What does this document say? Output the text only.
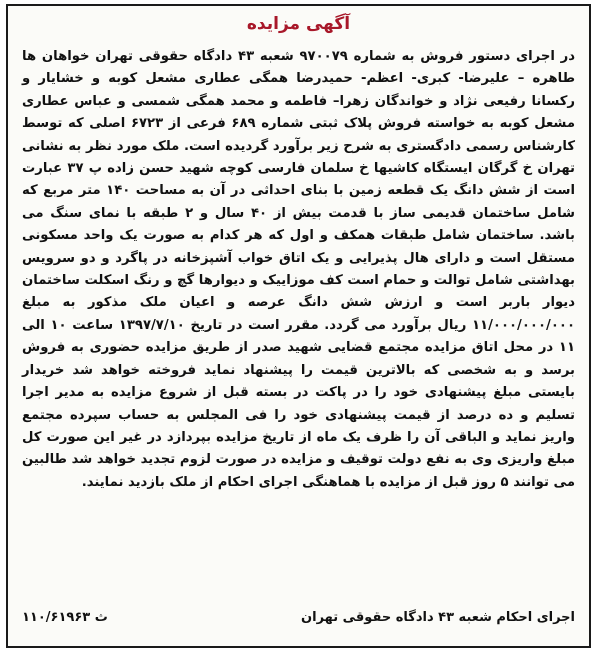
آگهی مزایده
در اجرای دستور فروش به شماره ۹۷۰۰۷۹ شعبه ۴۳ دادگاه حقوقی تهران خواهان ها طاهره – علیرضا- کبری- اعظم- حمیدرضا همگی عطاری مشعل کوبه و خشایار و رکسانا رفیعی نژاد و خواندگان زهرا– فاطمه و محمد همگی شمسی و عباس عطاری مشعل کوبه به خواسته فروش پلاک ثبتی شماره ۶۸۹ فرعی از ۶۷۲۳ اصلی که توسط کارشناس رسمی دادگستری به شرح زیر برآورد گردیده است. ملک مورد نظر به نشانی تهران خ گرگان ایستگاه کاشیها خ سلمان فارسی کوچه شهید حسن زاده پ ۳۷ عبارت است از شش دانگ یک قطعه زمین با بنای احداثی در آن به مساحت ۱۴۰ متر مربع که شامل ساختمان قدیمی ساز با قدمت بیش از ۴۰ سال و ۲ طبقه با نمای سنگ می باشد. ساختمان شامل طبقات همکف و اول که هر کدام به صورت یک واحد مسکونی مستقل است و دارای هال پذیرایی و یک اتاق خواب آشپزخانه در پاگرد و دو سرویس بهداشتی شامل توالت و حمام است کف موزاییک و دیوارها گچ و رنگ اسکلت ساختمان دیوار باربر است و ارزش شش دانگ عرصه و اعیان ملک مذکور به مبلغ ۱۱/۰۰۰/۰۰۰/۰۰۰ ریال برآورد می گردد. مقرر است در تاریخ ۱۳۹۷/۷/۱۰ ساعت ۱۰ الی ۱۱ در محل اتاق مزایده مجتمع قضایی شهید صدر از طریق مزایده حضوری به فروش برسد و به شخصی که بالاترین قیمت را پیشنهاد نماید فروخته خواهد شد خریدار بایستی مبلغ پیشنهادی خود را در پاکت در بسته قبل از شروع مزایده به مدیر اجرا تسلیم و ده درصد از قیمت پیشنهادی خود را فی المجلس به حساب سپرده مجتمع واریز نماید و الباقی آن را ظرف یک ماه از تاریخ مزایده بپردازد در غیر این صورت کل مبلغ واریزی وی به نفع دولت توقیف و مزایده در صورت لزوم تجدید خواهد شد طالبین می توانند ۵ روز قبل از مزایده با هماهنگی اجرای احکام از ملک بازدید نمایند.
اجرای احکام شعبه ۴۳ دادگاه حقوقی تهران
۱۱۰/۶۱۹۶۳ ث
